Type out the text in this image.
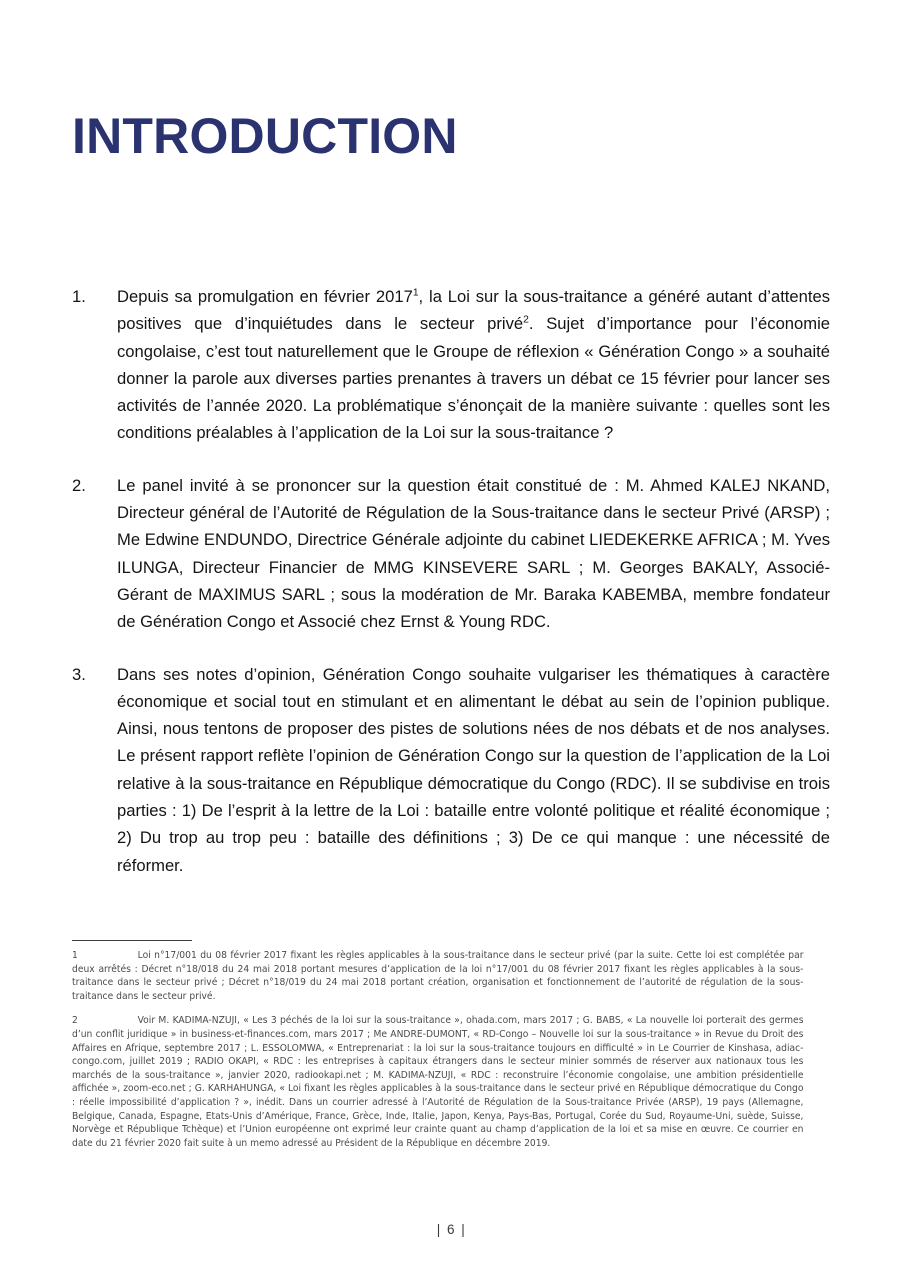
INTRODUCTION
1.	Depuis sa promulgation en février 2017$^1$, la Loi sur la sous-traitance a généré autant d’attentes positives que d’inquiétudes dans le secteur privé$^2$. Sujet d’importance pour l’économie congolaise, c’est tout naturellement que le Groupe de réflexion « Génération Congo » a souhaité donner la parole aux diverses parties prenantes à travers un débat ce 15 février pour lancer ses activités de l’année 2020. La problématique s’énonçait de la manière suivante : quelles sont les conditions préalables à l’application de la Loi sur la sous-traitance ?
2.	Le panel invité à se prononcer sur la question était constitué de : M. Ahmed KALEJ NKAND, Directeur général de l’Autorité de Régulation de la Sous-traitance dans le secteur Privé (ARSP) ; Me Edwine ENDUNDO, Directrice Générale adjointe du cabinet LIEDEKERKE AFRICA ; M. Yves ILUNGA, Directeur Financier de MMG KINSEVERE SARL ; M. Georges BAKALY, Associé- Gérant de MAXIMUS SARL ; sous la modération de Mr. Baraka KABEMBA, membre fondateur de Génération Congo et Associé chez Ernst & Young RDC.
3.	Dans ses notes d’opinion, Génération Congo souhaite vulgariser les thématiques à caractère économique et social tout en stimulant et en alimentant le débat au sein de l’opinion publique. Ainsi, nous tentons de proposer des pistes de solutions nées de nos débats et de nos analyses. Le présent rapport reflète l’opinion de Génération Congo sur la question de l’application de la Loi relative à la sous-traitance en République démocratique du Congo (RDC). Il se subdivise en trois parties : 1) De l’esprit à la lettre de la Loi : bataille entre volonté politique et réalité économique ; 2) Du trop au trop peu : bataille des définitions ; 3) De ce qui manque : une nécessité de réformer.
1	Loi n°17/001 du 08 février 2017 fixant les règles applicables à la sous-traitance dans le secteur privé (par la suite. Cette loi est complétée par deux arrêtés : Décret n°18/018 du 24 mai 2018 portant mesures d’application de la loi n°17/001 du 08 février 2017 fixant les règles applicables à la sous-traitance dans le secteur privé ; Décret n°18/019 du 24 mai 2018 portant création, organisation et fonctionnement de l’autorité de régulation de la sous-traitance dans le secteur privé.
2	Voir M. KADIMA-NZUJI, « Les 3 péchés de la loi sur la sous-traitance », ohada.com, mars 2017 ; G. BABS, « La nouvelle loi porterait des germes d’un conflit juridique » in business-et-finances.com, mars 2017 ; Me ANDRE-DUMONT, « RD-Congo – Nouvelle loi sur la sous-traitance » in Revue du Droit des Affaires en Afrique, septembre 2017 ; L. ESSOLOMWA, « Entreprenariat : la loi sur la sous-traitance toujours en difficulté » in Le Courrier de Kinshasa, adiac-congo.com, juillet 2019 ; RADIO OKAPI, « RDC : les entreprises à capitaux étrangers dans le secteur minier sommés de réserver aux nationaux tous les marchés de la sous-traitance », janvier 2020, radiookapi.net ; M. KADIMA-NZUJI, « RDC : reconstruire l’économie congolaise, une ambition présidentielle affichée », zoom-eco.net ; G. KARHAHUNGA, « Loi fixant les règles applicables à la sous-traitance dans le secteur privé en République démocratique du Congo : réelle impossibilité d’application ? », inédit. Dans un courrier adressé à l’Autorité de Régulation de la Sous-traitance Privée (ARSP), 19 pays (Allemagne, Belgique, Canada, Espagne, Etats-Unis d’Amérique, France, Grèce, Inde, Italie, Japon, Kenya, Pays-Bas, Portugal, Corée du Sud, Royaume-Uni, suède, Suisse, Norvège et République Tchèque) et l’Union européenne ont exprimé leur crainte quant au champ d’application de la loi et sa mise en œuvre. Ce courrier en date du 21 février 2020 fait suite à un memo adressé au Président de la République en décembre 2019.
| 6 |
